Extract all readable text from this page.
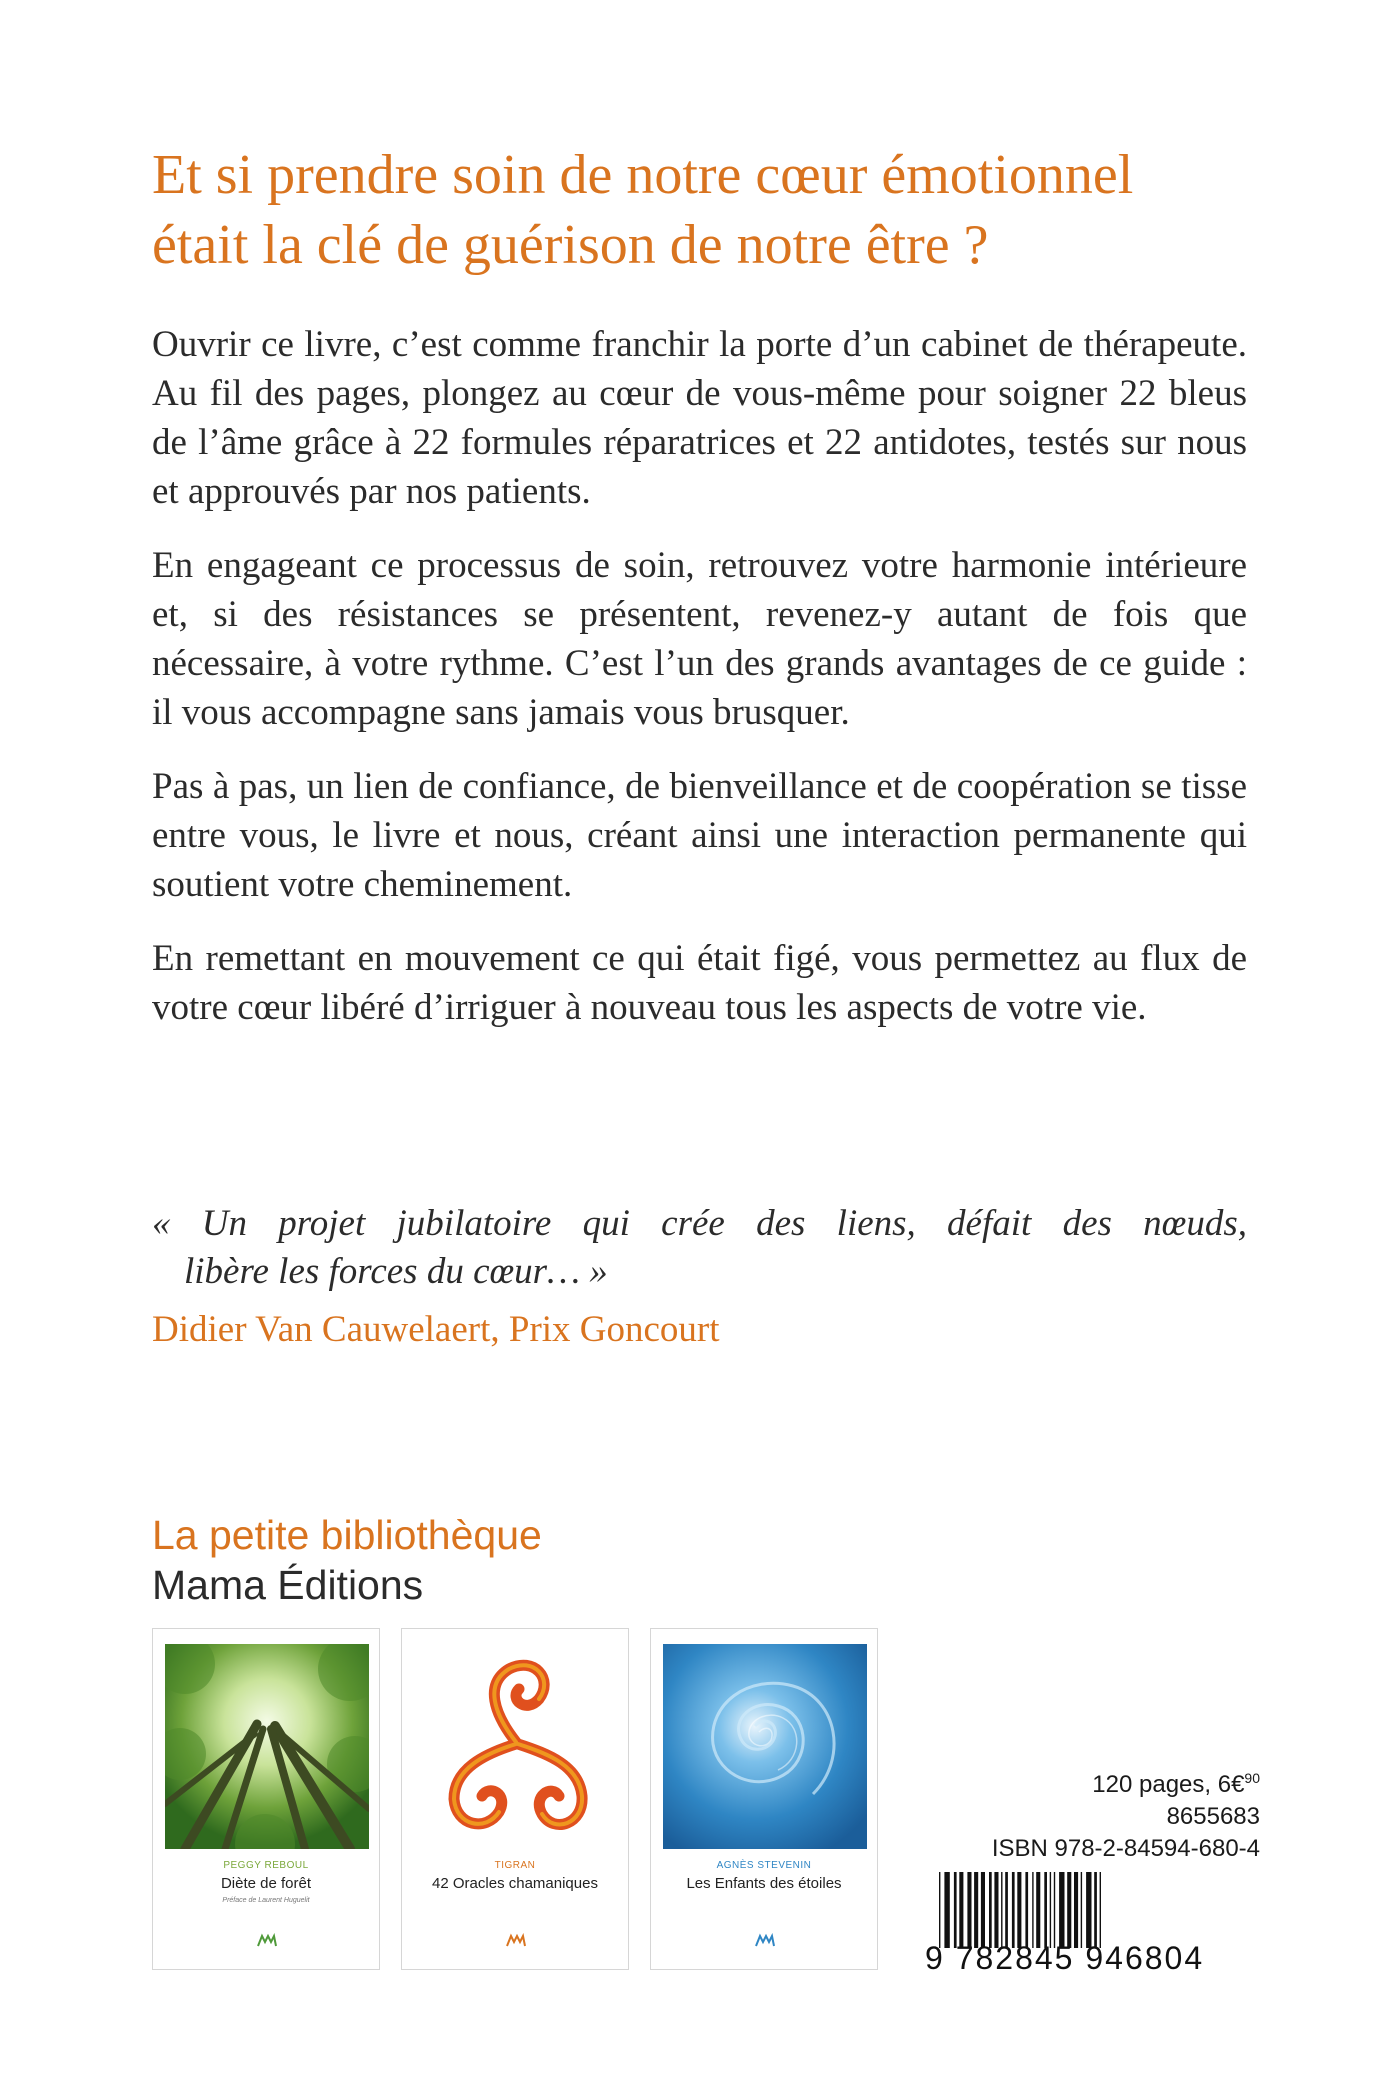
Et si prendre soin de notre cœur émotionnel
était la clé de guérison de notre être ?

Ouvrir ce livre, c’est comme franchir la porte d’un cabinet de thérapeute. Au fil des pages, plongez au cœur de vous-même pour soigner 22 bleus de l’âme grâce à 22 formules réparatrices et 22 antidotes, testés sur nous et approuvés par nos patients.

En engageant ce processus de soin, retrouvez votre harmonie intérieure et, si des résistances se présentent, revenez-y autant de fois que nécessaire, à votre rythme. C’est l’un des grands avantages de ce guide : il vous accompagne sans jamais vous brusquer.

Pas à pas, un lien de confiance, de bienveillance et de coopération se tisse entre vous, le livre et nous, créant ainsi une interaction permanente qui soutient votre cheminement.

En remettant en mouvement ce qui était figé, vous permettez au flux de votre cœur libéré d’irriguer à nouveau tous les aspects de votre vie.

« Un projet jubilatoire qui crée des liens, défait des nœuds,
libère les forces du cœur… »
Didier Van Cauwelaert, Prix Goncourt
La petite bibliothèque
Mama Éditions
PEGGY REBOUL
Diète de forêt
Préface de Laurent Huguelit
TIGRAN
42 Oracles chamaniques
AGNÈS STEVENIN
Les Enfants des étoiles
120 pages, 6€$^{90}$
8655683
ISBN 978-2-84594-680-4
9 782845 946804
